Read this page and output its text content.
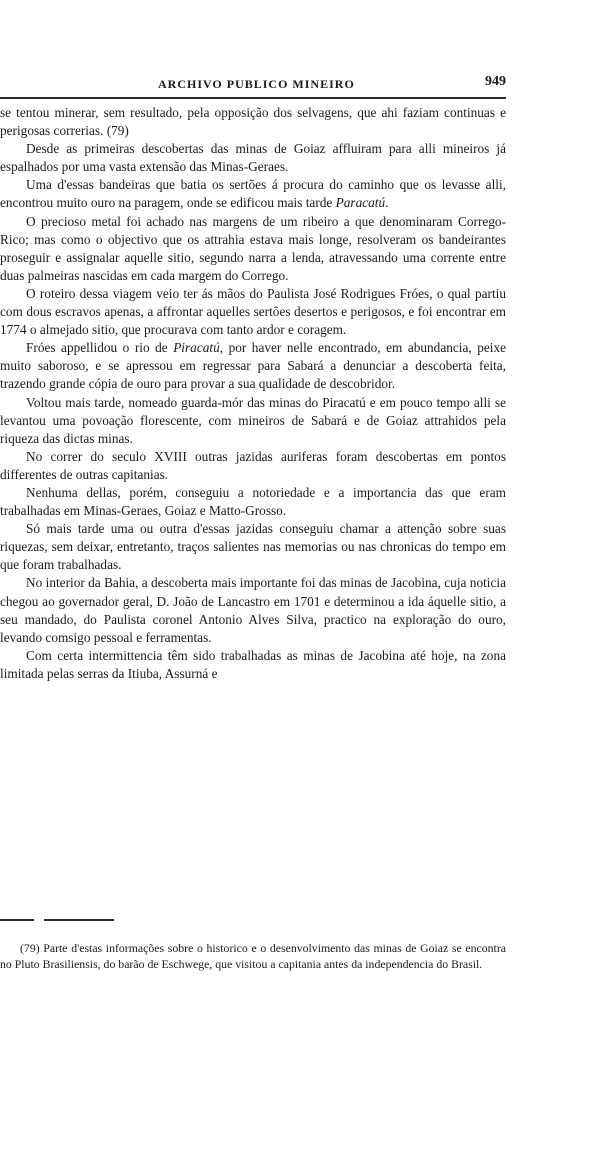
ARCHIVO PUBLICO MINEIRO	949

se tentou minerar, sem resultado, pela opposição dos selvagens, que ahi faziam continuas e perigosas correrias. (79)

Desde as primeiras descobertas das minas de Goiaz affluiram para alli mineiros já espalhados por uma vasta extensão das Minas-Geraes.

Uma d'essas bandeiras que batia os sertões á procura do caminho que os levasse alli, encontrou muito ouro na paragem, onde se edificou mais tarde Paracatú.

O precioso metal foi achado nas margens de um ribeiro a que denominaram Corrego-Rico; mas como o objectivo que os attrahia estava mais longe, resolveram os bandeirantes proseguir e assignalar aquelle sitio, segundo narra a lenda, atravessando uma corrente entre duas palmeiras nascidas em cada margem do Corrego.

O roteiro dessa viagem veio ter ás mãos do Paulista José Rodrigues Fróes, o qual partiu com dous escravos apenas, a affrontar aquelles sertões desertos e perigosos, e foi encontrar em 1774 o almejado sitio, que procurava com tanto ardor e coragem.

Fróes appellidou o rio de Piracatú, por haver nelle encontrado, em abundancia, peixe muito saboroso, e se apressou em regressar para Sabará a denunciar a descoberta feita, trazendo grande cópia de ouro para provar a sua qualidade de descobridor.

Voltou mais tarde, nomeado guarda-mór das minas do Piracatú e em pouco tempo alli se levantou uma povoação florescente, com mineiros de Sabará e de Goiaz attrahidos pela riqueza das dictas minas.

No correr do seculo XVIII outras jazidas auriferas foram descobertas em pontos differentes de outras capitanias.

Nenhuma dellas, porém, conseguiu a notoriedade e a importancia das que eram trabalhadas em Minas-Geraes, Goiaz e Matto-Grosso.

Só mais tarde uma ou outra d'essas jazidas conseguiu chamar a attenção sobre suas riquezas, sem deixar, entretanto, traços salientes nas memorias ou nas chronicas do tempo em que foram trabalhadas.

No interior da Bahia, a descoberta mais importante foi das minas de Jacobina, cuja noticia chegou ao governador geral, D. João de Lancastro em 1701 e determinou a ida áquelle sitio, a seu mandado, do Paulista coronel Antonio Alves Silva, practico na exploração do ouro, levando comsigo pessoal e ferramentas.

Com certa intermittencia têm sido trabalhadas as minas de Jacobina até hoje, na zona limitada pelas serras da Itiuba, Assurná e

(79) Parte d'estas informações sobre o historico e o desenvolvimento das minas de Goiaz se encontra no Pluto Brasiliensis, do barão de Eschwege, que visitou a capitania antes da independencia do Brasil.
